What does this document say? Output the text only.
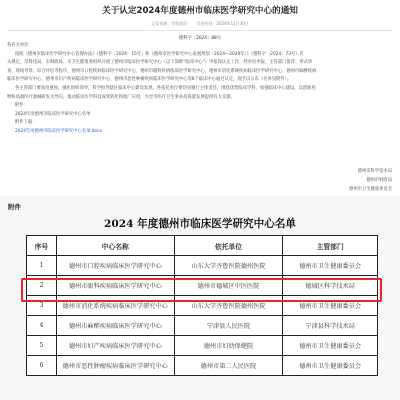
关于认定2024年度德州市临床医学研究中心的通知
文章来源：市科技局 发布时间：2024年11月30日
德科字〔2024〕88号
各有关单位：
按照《德州市临床医学研究中心管理办法》（德科字〔2024〕15号）和《德州市医学研究中心发展规划（2024—2029年）》（德科字〔2024〕73号）有
关规定，市科技局、市财政局、市卫生健康委组织开展了德州市临床医学研究中心（以下简称“临床中心”）申报和认定工作。经单位申报、主管部门推荐、形式审
查、现场考察、综合评估等程序，德州市口腔疾病临床医学研究中心、德州市眼科疾病临床医学研究中心、德州市消化系统疾病临床医学研究中心、德州市麻醉疾病
临床医学研究中心、德州市妇产疾病临床医学研究中心、德州市恶性肿瘤疾病临床医学研究中心等6个临床中心通过认定，现予以公布（名单见附件）。
各主管部门要高度重视，强化组织领导，科学指导辖区临床中心建设发展。各依托单位要切实履行主体责任，围绕优势临床学科，加强临床中心建设，以创新药
物和高端医疗器械研发为导向，推动临床医学科技成果转化和推广应用，为全市医疗卫生事业高质量发展提供有力支撑。
附件：
2024年度德州市临床医学研究中心名单
附件下载：
2024年度德州市临床医学研究中心名单.docx
德州市科学技术局
德州市财政局
德州市卫生健康委员会
附件
2024 年度德州市临床医学研究中心名单
序号	中心名称	依托单位	主管部门
1	德州市口腔疾病临床医学研究中心	山东大学齐鲁医院德州医院	德州市卫生健康委员会
2	德州市眼科疾病临床医学研究中心	德州市德城区中医医院	德城区科学技术局
3	德州市消化系统疾病临床医学研究中心	山东大学齐鲁医院德州医院	德州市卫生健康委员会
4	德州市麻醉疾病临床医学研究中心	宁津县人民医院	宁津县科学技术局
5	德州市妇产疾病临床医学研究中心	德州市妇幼保健院	德州市卫生健康委员会
6	德州市恶性肿瘤疾病临床医学研究中心	德州市第二人民医院	德州市卫生健康委员会
